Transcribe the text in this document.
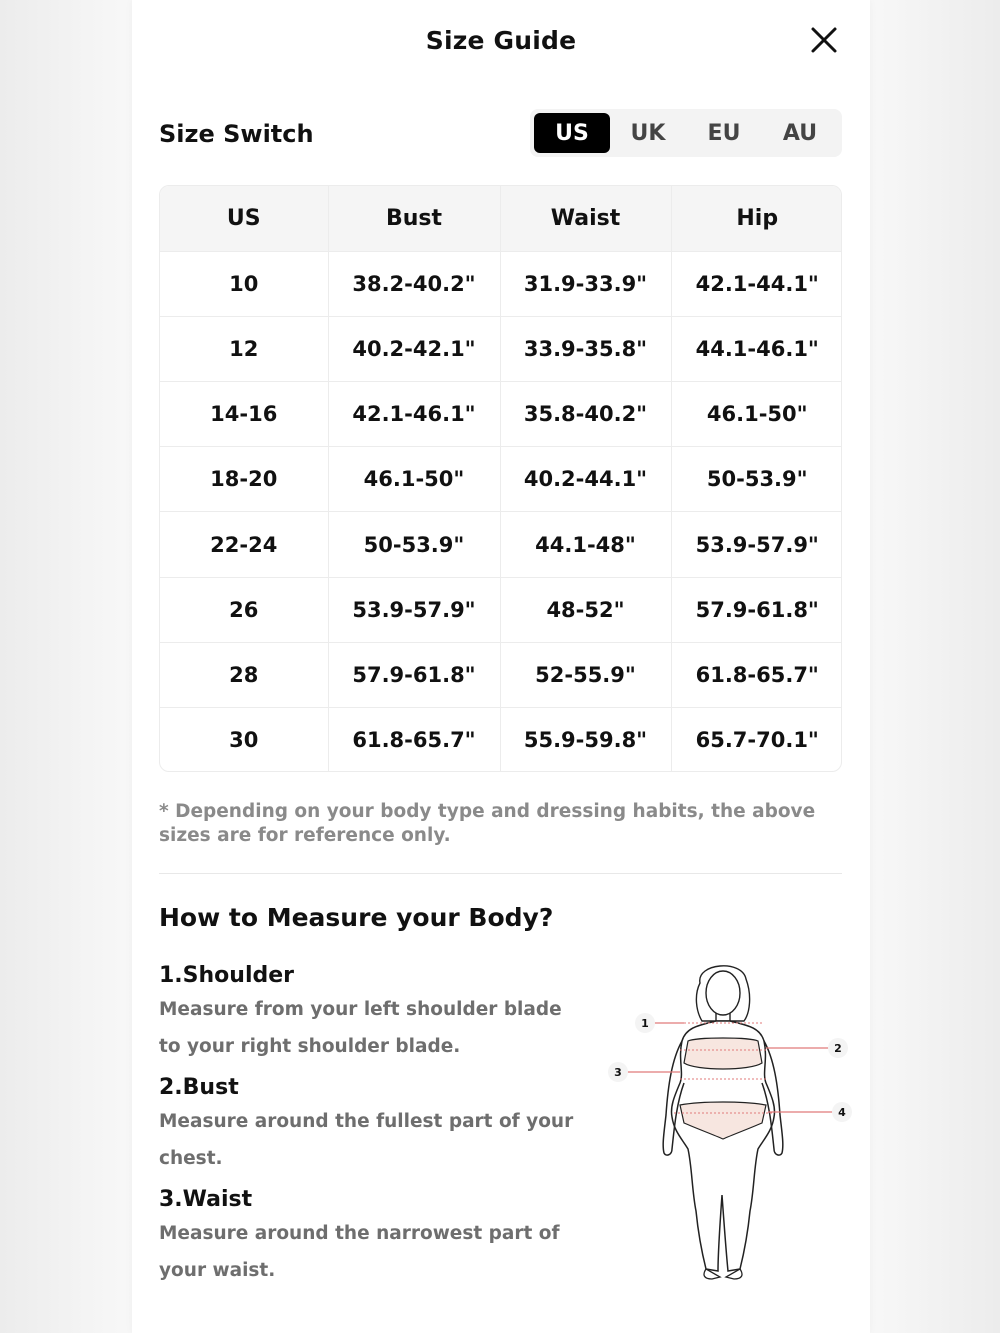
Size Guide
Size Switch	US	UK	EU	AU
US	Bust	Waist	Hip
10	38.2-40.2"	31.9-33.9"	42.1-44.1"
12	40.2-42.1"	33.9-35.8"	44.1-46.1"
14-16	42.1-46.1"	35.8-40.2"	46.1-50"
18-20	46.1-50"	40.2-44.1"	50-53.9"
22-24	50-53.9"	44.1-48"	53.9-57.9"
26	53.9-57.9"	48-52"	57.9-61.8"
28	57.9-61.8"	52-55.9"	61.8-65.7"
30	61.8-65.7"	55.9-59.8"	65.7-70.1"
* Depending on your body type and dressing habits, the above sizes are for reference only.
How to Measure your Body?
1.Shoulder
Measure from your left shoulder blade to your right shoulder blade.
2.Bust
Measure around the fullest part of your chest.
3.Waist
Measure around the narrowest part of your waist.
1
2
3
4
